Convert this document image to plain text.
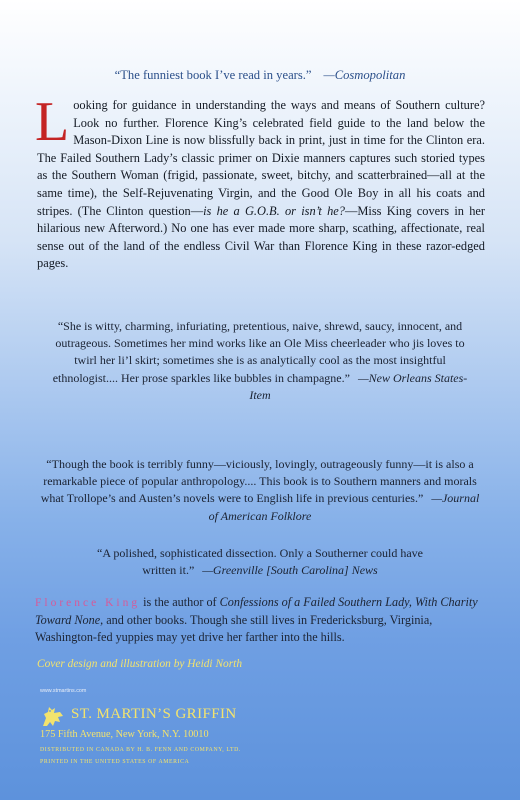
“The funniest book I’ve read in years.” —Cosmopolitan
Looking for guidance in understanding the ways and means of Southern culture? Look no further. Florence King’s celebrated field guide to the land below the Mason-Dixon Line is now blissfully back in print, just in time for the Clinton era. The Failed Southern Lady’s classic primer on Dixie manners captures such storied types as the Southern Woman (frigid, passionate, sweet, bitchy, and scatterbrained—all at the same time), the Self-Rejuvenating Virgin, and the Good Ole Boy in all his coats and stripes. (The Clinton question—is he a G.O.B. or isn’t he?—Miss King covers in her hilarious new Afterword.) No one has ever made more sharp, scathing, affectionate, real sense out of the land of the endless Civil War than Florence King in these razor-edged pages.
“She is witty, charming, infuriating, pretentious, naive, shrewd, saucy, innocent, and outrageous. Sometimes her mind works like an Ole Miss cheerleader who jis loves to twirl her li’l skirt; sometimes she is as analytically cool as the most insightful ethnologist.... Her prose sparkles like bubbles in champagne.” —New Orleans States-Item
“Though the book is terribly funny—viciously, lovingly, outrageously funny—it is also a remarkable piece of popular anthropology.... This book is to Southern manners and morals what Trollope’s and Austen’s novels were to English life in previous centuries.” —Journal of American Folklore
“A polished, sophisticated dissection. Only a Southerner could have written it.” —Greenville [South Carolina] News
Florence King is the author of Confessions of a Failed Southern Lady, With Charity Toward None, and other books. Though she still lives in Fredericksburg, Virginia, Washington-fed yuppies may yet drive her farther into the hills.
Cover design and illustration by Heidi North
www.stmartins.com
ST. MARTIN’S GRIFFIN
175 Fifth Avenue, New York, N.Y. 10010
DISTRIBUTED IN CANADA BY H. B. FENN AND COMPANY, LTD.
PRINTED IN THE UNITED STATES OF AMERICA
